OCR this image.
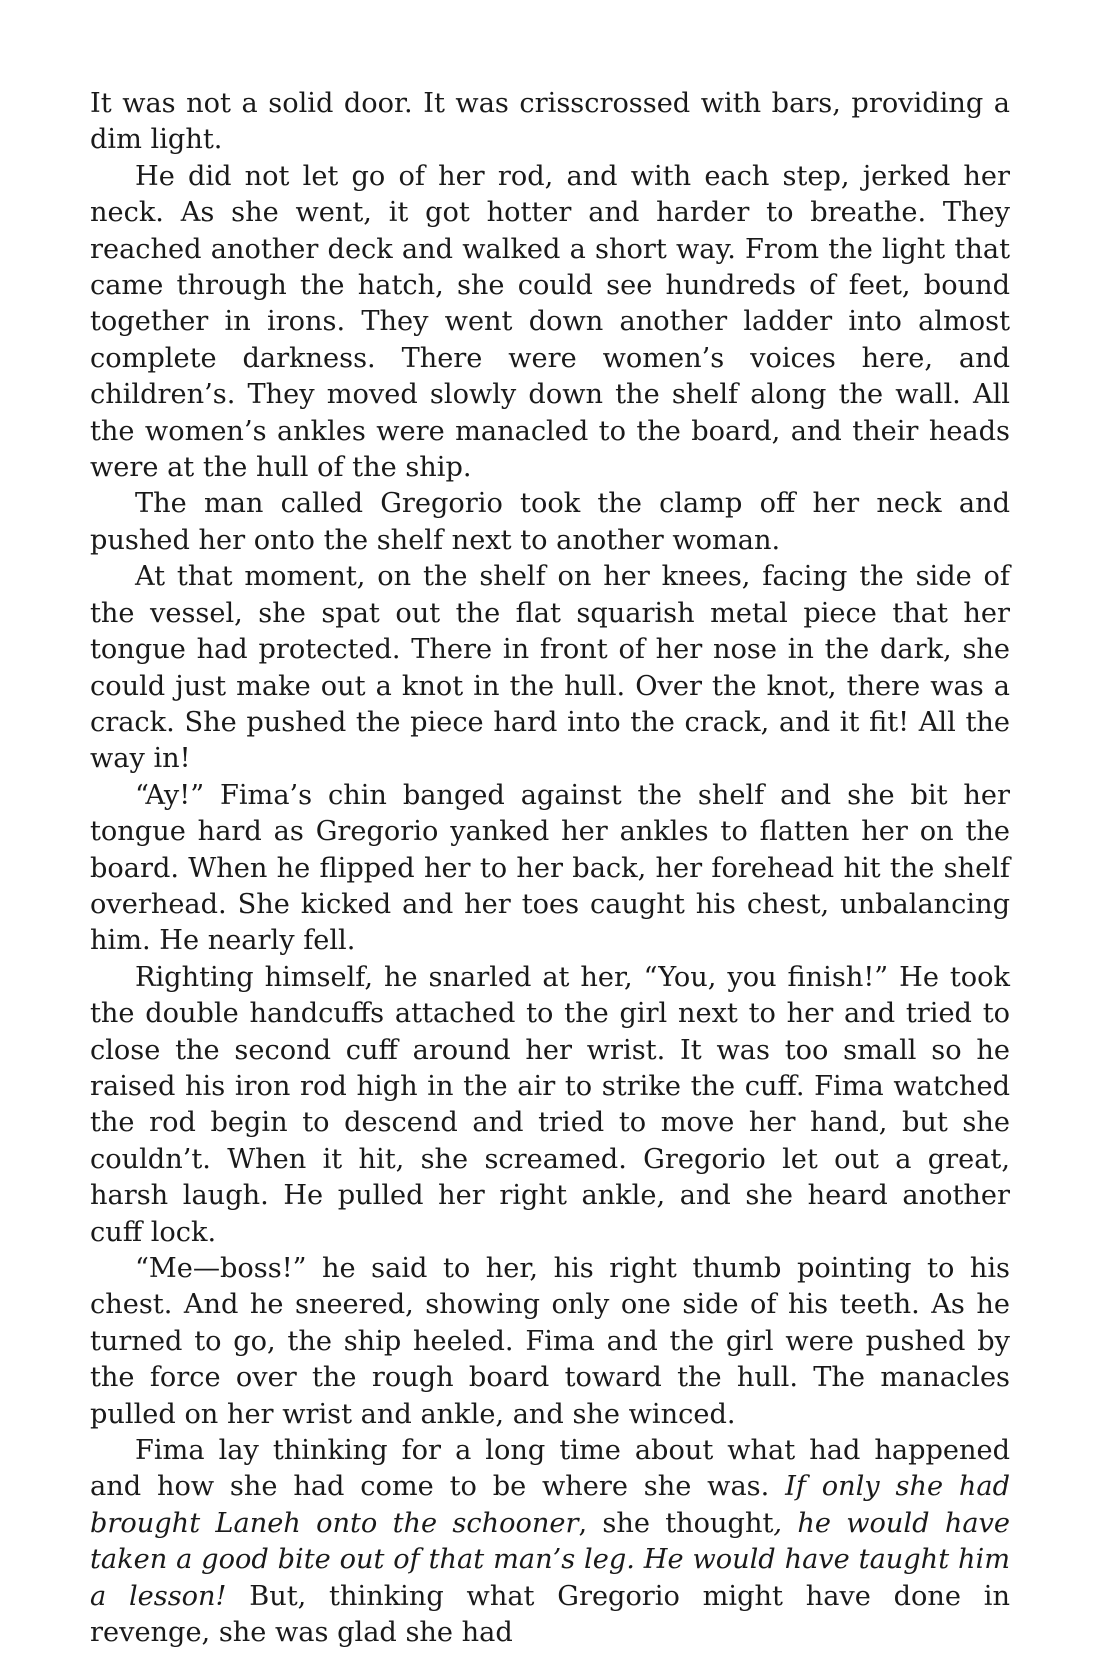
It was not a solid door. It was crisscrossed with bars, providing a dim light.

He did not let go of her rod, and with each step, jerked her neck. As she went, it got hotter and harder to breathe. They reached another deck and walked a short way. From the light that came through the hatch, she could see hundreds of feet, bound together in irons. They went down another ladder into almost complete darkness. There were women’s voices here, and children’s. They moved slowly down the shelf along the wall. All the women’s ankles were manacled to the board, and their heads were at the hull of the ship.

The man called Gregorio took the clamp off her neck and pushed her onto the shelf next to another woman.

At that moment, on the shelf on her knees, facing the side of the vessel, she spat out the flat squarish metal piece that her tongue had protected. There in front of her nose in the dark, she could just make out a knot in the hull. Over the knot, there was a crack. She pushed the piece hard into the crack, and it fit! All the way in!

“Ay!” Fima’s chin banged against the shelf and she bit her tongue hard as Gregorio yanked her ankles to flatten her on the board. When he flipped her to her back, her forehead hit the shelf overhead. She kicked and her toes caught his chest, unbalancing him. He nearly fell.

Righting himself, he snarled at her, “You, you finish!” He took the double handcuffs attached to the girl next to her and tried to close the second cuff around her wrist. It was too small so he raised his iron rod high in the air to strike the cuff. Fima watched the rod begin to descend and tried to move her hand, but she couldn’t. When it hit, she screamed. Gregorio let out a great, harsh laugh. He pulled her right ankle, and she heard another cuff lock.

“Me—boss!” he said to her, his right thumb pointing to his chest. And he sneered, showing only one side of his teeth. As he turned to go, the ship heeled. Fima and the girl were pushed by the force over the rough board toward the hull. The manacles pulled on her wrist and ankle, and she winced.

Fima lay thinking for a long time about what had happened and how she had come to be where she was. If only she had brought Laneh onto the schooner, she thought, he would have taken a good bite out of that man’s leg. He would have taught him a lesson! But, thinking what Gregorio might have done in revenge, she was glad she had
